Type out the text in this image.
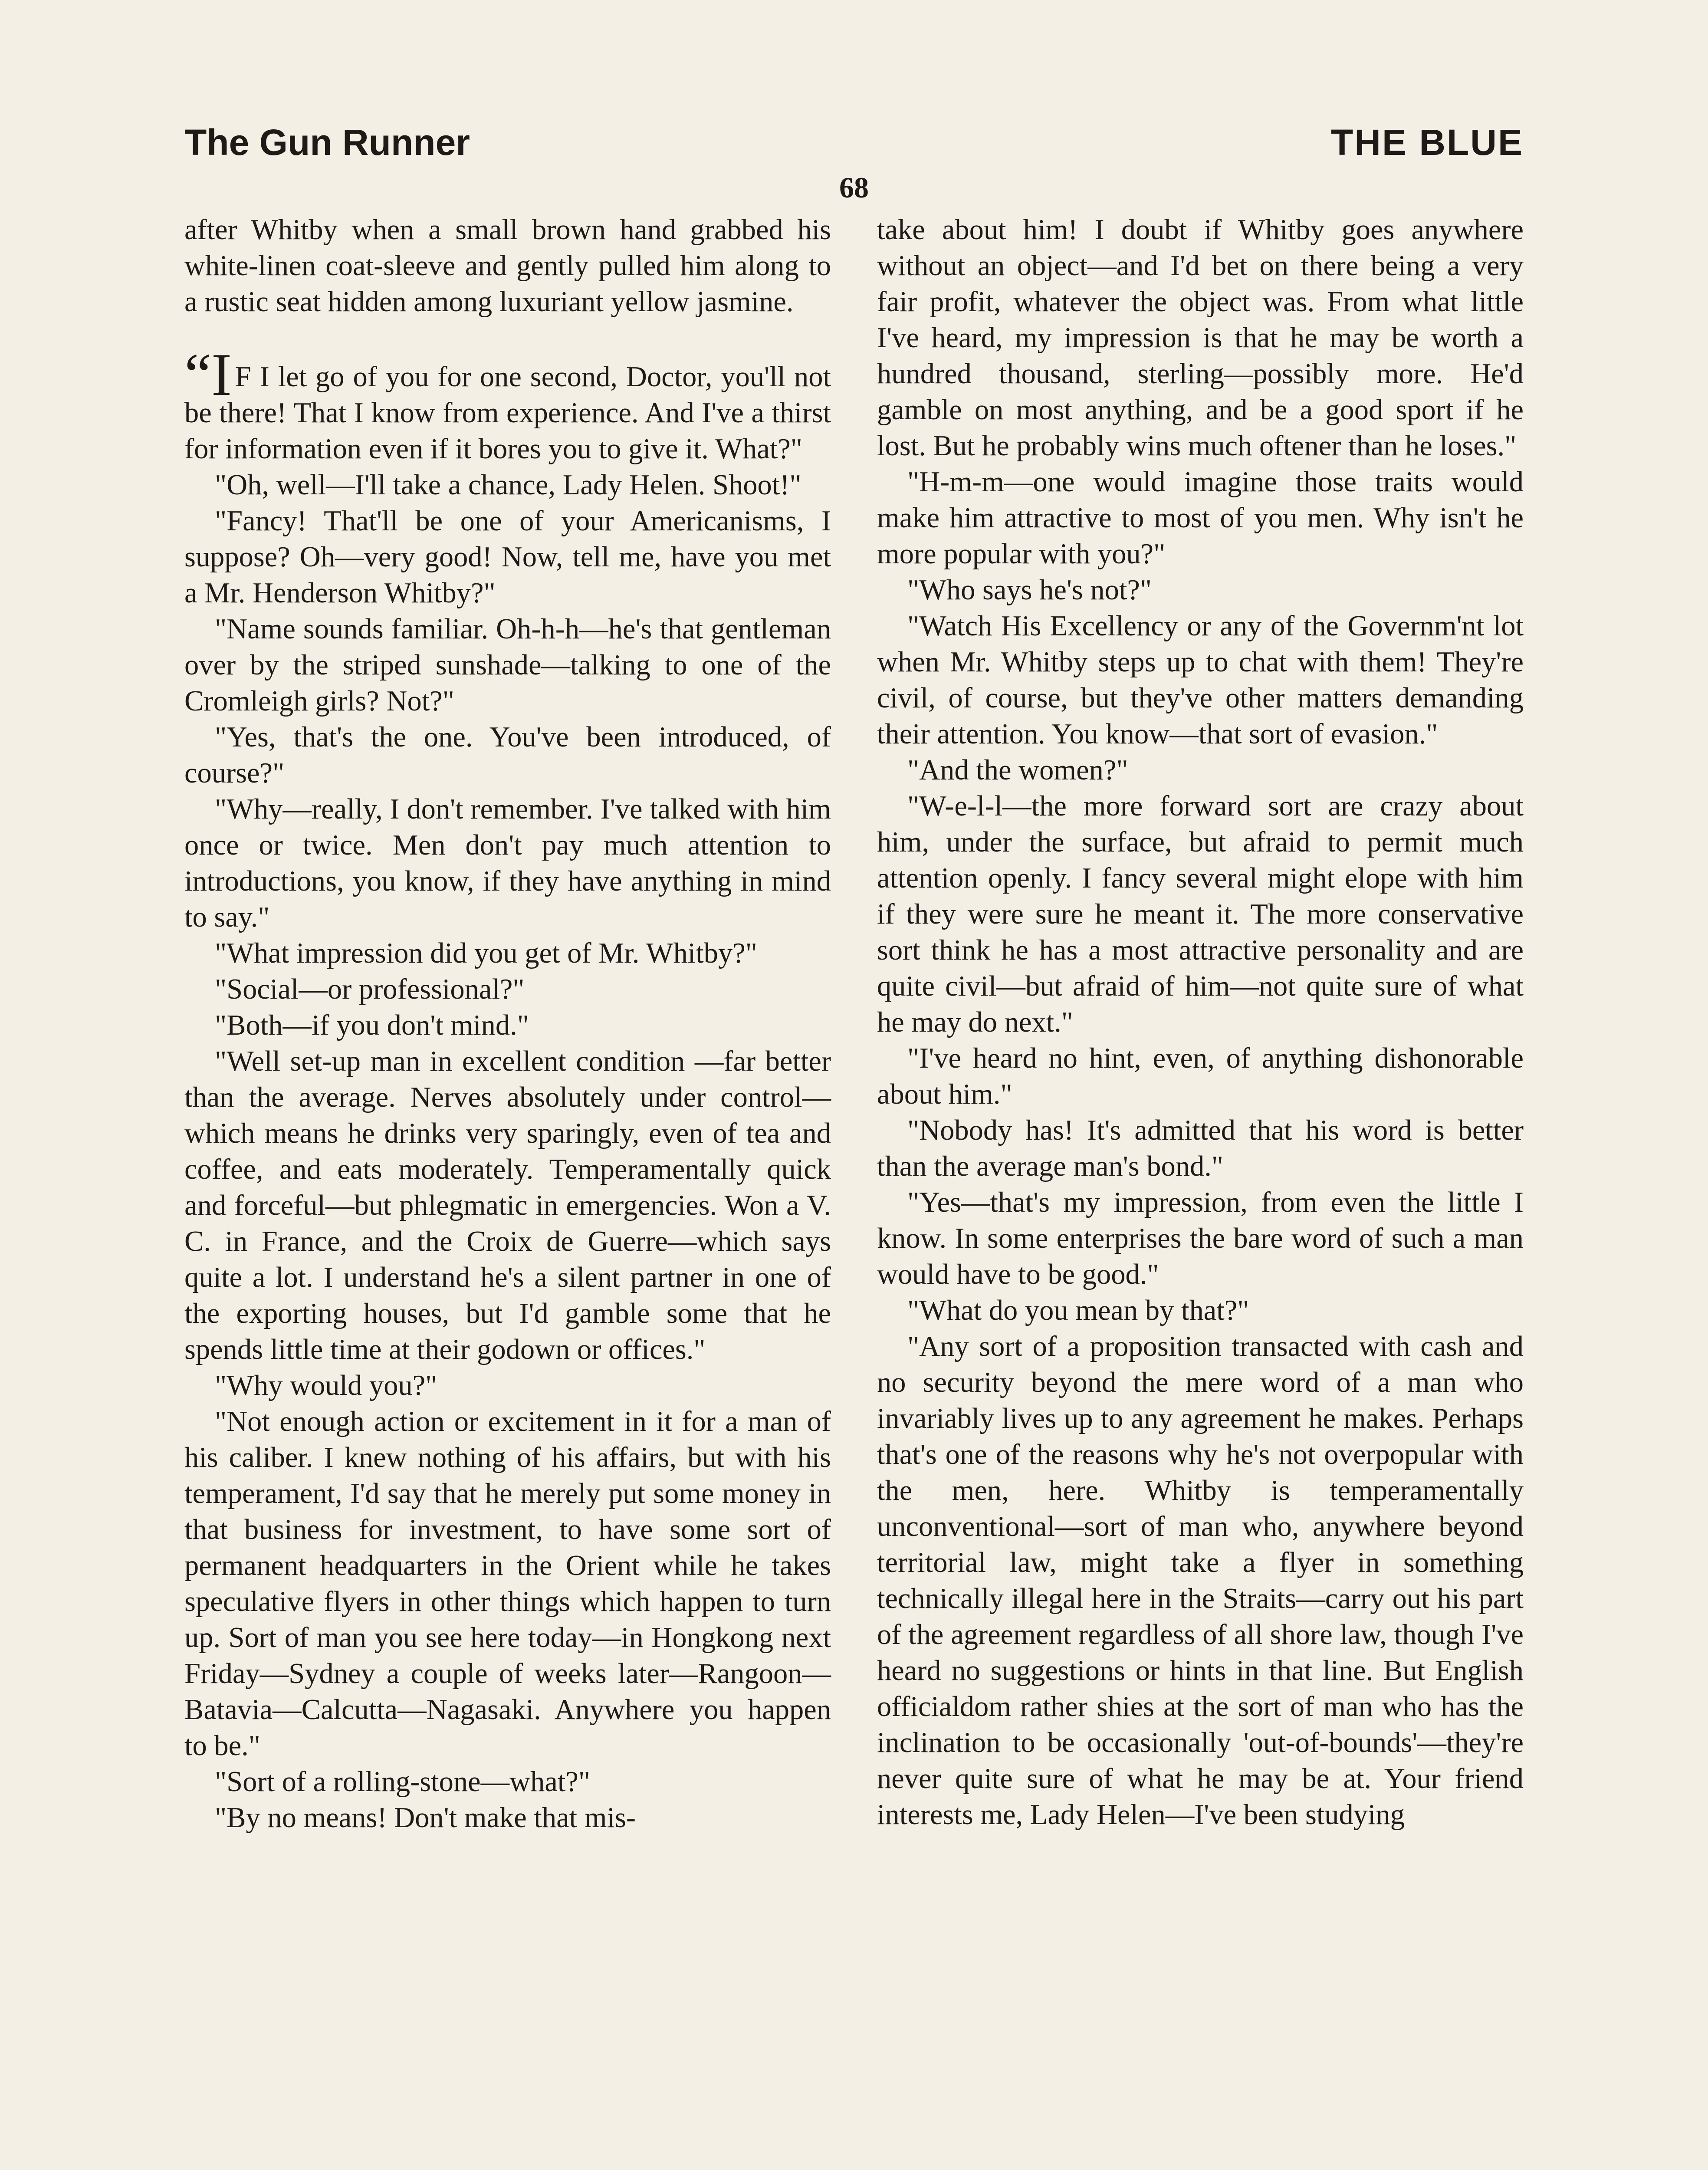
The Gun Runner	THE BLUE
68

after Whitby when a small brown hand grabbed his white-linen coat-sleeve and gently pulled him along to a rustic seat hidden among luxuriant yellow jasmine.

“I F I let go of you for one second, Doctor, you'll not be there! That I know from experience. And I've a thirst for information even if it bores you to give it. What?"

"Oh, well—I'll take a chance, Lady Helen. Shoot!"

"Fancy! That'll be one of your Americanisms, I suppose? Oh—very good! Now, tell me, have you met a Mr. Henderson Whitby?"

"Name sounds familiar. Oh-h-h—he's that gentleman over by the striped sunshade—talking to one of the Cromleigh girls? Not?"

"Yes, that's the one. You've been introduced, of course?"

"Why—really, I don't remember. I've talked with him once or twice. Men don't pay much attention to introductions, you know, if they have anything in mind to say."

"What impression did you get of Mr. Whitby?"

"Social—or professional?"

"Both—if you don't mind."

"Well set-up man in excellent condition —far better than the average. Nerves absolutely under control—which means he drinks very sparingly, even of tea and coffee, and eats moderately. Temperamentally quick and forceful—but phlegmatic in emergencies. Won a V. C. in France, and the Croix de Guerre—which says quite a lot. I understand he's a silent partner in one of the exporting houses, but I'd gamble some that he spends little time at their godown or offices."

"Why would you?"

"Not enough action or excitement in it for a man of his caliber. I knew nothing of his affairs, but with his temperament, I'd say that he merely put some money in that business for investment, to have some sort of permanent headquarters in the Orient while he takes speculative flyers in other things which happen to turn up. Sort of man you see here today—in Hongkong next Friday—Sydney a couple of weeks later—Rangoon—Batavia—Calcutta—Nagasaki. Anywhere you happen to be."

"Sort of a rolling-stone—what?"

"By no means! Don't make that mis-

take about him! I doubt if Whitby goes anywhere without an object—and I'd bet on there being a very fair profit, whatever the object was. From what little I've heard, my impression is that he may be worth a hundred thousand, sterling—possibly more. He'd gamble on most anything, and be a good sport if he lost. But he probably wins much oftener than he loses."

"H-m-m—one would imagine those traits would make him attractive to most of you men. Why isn't he more popular with you?"

"Who says he's not?"

"Watch His Excellency or any of the Governm'nt lot when Mr. Whitby steps up to chat with them! They're civil, of course, but they've other matters demanding their attention. You know—that sort of evasion."

"And the women?"

"W-e-l-l—the more forward sort are crazy about him, under the surface, but afraid to permit much attention openly. I fancy several might elope with him if they were sure he meant it. The more conservative sort think he has a most attractive personality and are quite civil—but afraid of him—not quite sure of what he may do next."

"I've heard no hint, even, of anything dishonorable about him."

"Nobody has! It's admitted that his word is better than the average man's bond."

"Yes—that's my impression, from even the little I know. In some enterprises the bare word of such a man would have to be good."

"What do you mean by that?"

"Any sort of a proposition transacted with cash and no security beyond the mere word of a man who invariably lives up to any agreement he makes. Perhaps that's one of the reasons why he's not overpopular with the men, here. Whitby is temperamentally unconventional—sort of man who, anywhere beyond territorial law, might take a flyer in something technically illegal here in the Straits—carry out his part of the agreement regardless of all shore law, though I've heard no suggestions or hints in that line. But English officialdom rather shies at the sort of man who has the inclination to be occasionally 'out-of-bounds'—they're never quite sure of what he may be at. Your friend interests me, Lady Helen—I've been studying
